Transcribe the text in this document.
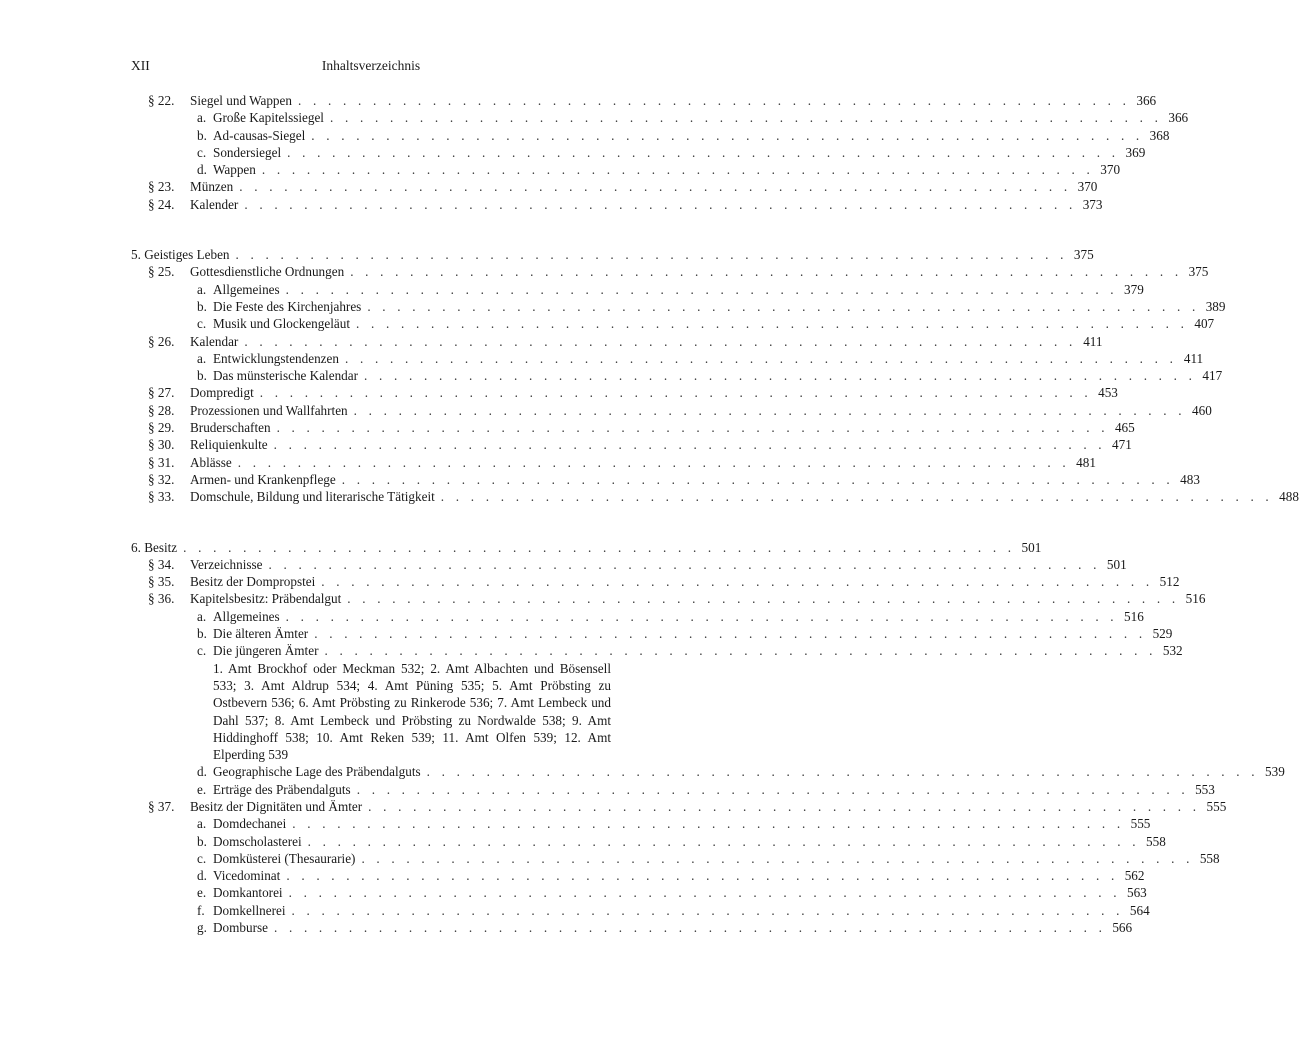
XII	Inhaltsverzeichnis
§ 22.	Siegel und Wappen . . . . . . . . . . . . . . . . . . . . . . . . . . . . . . . . . . . . . . . . . . . . . . . . . . . . . . . . 366
a. Große Kapitelssiegel . . . . . . . . . . . . . . . . . . . . . . . . . . . . . . . . . . . . . . . . . . . . . . . . . . . . . . . . 366
b. Ad-causas-Siegel . . . . . . . . . . . . . . . . . . . . . . . . . . . . . . . . . . . . . . . . . . . . . . . . . . . . . . . . 368
c. Sondersiegel . . . . . . . . . . . . . . . . . . . . . . . . . . . . . . . . . . . . . . . . . . . . . . . . . . . . . . . . 369
d. Wappen . . . . . . . . . . . . . . . . . . . . . . . . . . . . . . . . . . . . . . . . . . . . . . . . . . . . . . . . 370
§ 23.	Münzen . . . . . . . . . . . . . . . . . . . . . . . . . . . . . . . . . . . . . . . . . . . . . . . . . . . . . . . . 370
§ 24.	Kalender . . . . . . . . . . . . . . . . . . . . . . . . . . . . . . . . . . . . . . . . . . . . . . . . . . . . . . . . 373
5. Geistiges Leben . . . . . . . . . . . . . . . . . . . . . . . . . . . . . . . . . . . . . . . . . . . . . . . . . . . . . . . . 375
§ 25.	Gottesdienstliche Ordnungen . . . . . . . . . . . . . . . . . . . . . . . . . . . . . . . . . . . . . . . . . . . . . . . . . . . . . . . . 375
a. Allgemeines . . . . . . . . . . . . . . . . . . . . . . . . . . . . . . . . . . . . . . . . . . . . . . . . . . . . . . . . 379
b. Die Feste des Kirchenjahres . . . . . . . . . . . . . . . . . . . . . . . . . . . . . . . . . . . . . . . . . . . . . . . . . . . . . . . . 389
c. Musik und Glockengeläut . . . . . . . . . . . . . . . . . . . . . . . . . . . . . . . . . . . . . . . . . . . . . . . . . . . . . . . . 407
§ 26.	Kalendar . . . . . . . . . . . . . . . . . . . . . . . . . . . . . . . . . . . . . . . . . . . . . . . . . . . . . . . . 411
a. Entwicklungstendenzen . . . . . . . . . . . . . . . . . . . . . . . . . . . . . . . . . . . . . . . . . . . . . . . . . . . . . . . . 411
b. Das münsterische Kalendar . . . . . . . . . . . . . . . . . . . . . . . . . . . . . . . . . . . . . . . . . . . . . . . . . . . . . . . . 417
§ 27.	Dompredigt . . . . . . . . . . . . . . . . . . . . . . . . . . . . . . . . . . . . . . . . . . . . . . . . . . . . . . . . 453
§ 28.	Prozessionen und Wallfahrten . . . . . . . . . . . . . . . . . . . . . . . . . . . . . . . . . . . . . . . . . . . . . . . . . . . . . . . . 460
§ 29.	Bruderschaften . . . . . . . . . . . . . . . . . . . . . . . . . . . . . . . . . . . . . . . . . . . . . . . . . . . . . . . . 465
§ 30.	Reliquienkulte . . . . . . . . . . . . . . . . . . . . . . . . . . . . . . . . . . . . . . . . . . . . . . . . . . . . . . . . 471
§ 31.	Ablässe . . . . . . . . . . . . . . . . . . . . . . . . . . . . . . . . . . . . . . . . . . . . . . . . . . . . . . . . 481
§ 32.	Armen- und Krankenpflege . . . . . . . . . . . . . . . . . . . . . . . . . . . . . . . . . . . . . . . . . . . . . . . . . . . . . . . . 483
§ 33.	Domschule, Bildung und literarische Tätigkeit . . . . . . . . . . . . . . . . . . . . . . . . . . . . . . . . . . . . . . . . . . . . . . . . . . . . . . . . 488
6. Besitz . . . . . . . . . . . . . . . . . . . . . . . . . . . . . . . . . . . . . . . . . . . . . . . . . . . . . . . . 501
§ 34.	Verzeichnisse . . . . . . . . . . . . . . . . . . . . . . . . . . . . . . . . . . . . . . . . . . . . . . . . . . . . . . . . 501
§ 35.	Besitz der Dompropstei . . . . . . . . . . . . . . . . . . . . . . . . . . . . . . . . . . . . . . . . . . . . . . . . . . . . . . . . 512
§ 36.	Kapitelsbesitz: Präbendalgut . . . . . . . . . . . . . . . . . . . . . . . . . . . . . . . . . . . . . . . . . . . . . . . . . . . . . . . . 516
a. Allgemeines . . . . . . . . . . . . . . . . . . . . . . . . . . . . . . . . . . . . . . . . . . . . . . . . . . . . . . . . 516
b. Die älteren Ämter . . . . . . . . . . . . . . . . . . . . . . . . . . . . . . . . . . . . . . . . . . . . . . . . . . . . . . . . 529
c. Die jüngeren Ämter . . . . . . . . . . . . . . . . . . . . . . . . . . . . . . . . . . . . . . . . . . . . . . . . . . . . . . . . 532
1. Amt Brockhof oder Meckman 532; 2. Amt Albachten und Bösensell 533; 3. Amt Aldrup 534; 4. Amt Püning 535; 5. Amt Pröbsting zu Ostbevern 536; 6. Amt Pröbsting zu Rinkerode 536; 7. Amt Lembeck und Dahl 537; 8. Amt Lembeck und Pröbsting zu Nordwalde 538; 9. Amt Hiddinghoff 538; 10. Amt Reken 539; 11. Amt Olfen 539; 12. Amt Elperding 539
d. Geographische Lage des Präbendalguts . . . . . . . . . . . . . . . . . . . . . . . . . . . . . . . . . . . . . . . . . . . . . . . . . . . . . . . . 539
e. Erträge des Präbendalguts . . . . . . . . . . . . . . . . . . . . . . . . . . . . . . . . . . . . . . . . . . . . . . . . . . . . . . . . 553
§ 37.	Besitz der Dignitäten und Ämter . . . . . . . . . . . . . . . . . . . . . . . . . . . . . . . . . . . . . . . . . . . . . . . . . . . . . . . . 555
a. Domdechanei . . . . . . . . . . . . . . . . . . . . . . . . . . . . . . . . . . . . . . . . . . . . . . . . . . . . . . . . 555
b. Domscholasterei . . . . . . . . . . . . . . . . . . . . . . . . . . . . . . . . . . . . . . . . . . . . . . . . . . . . . . . . 558
c. Domküsterei (Thesaurarie) . . . . . . . . . . . . . . . . . . . . . . . . . . . . . . . . . . . . . . . . . . . . . . . . . . . . . . . . 558
d. Vicedominat . . . . . . . . . . . . . . . . . . . . . . . . . . . . . . . . . . . . . . . . . . . . . . . . . . . . . . . . 562
e. Domkantorei . . . . . . . . . . . . . . . . . . . . . . . . . . . . . . . . . . . . . . . . . . . . . . . . . . . . . . . . 563
f. Domkellnerei . . . . . . . . . . . . . . . . . . . . . . . . . . . . . . . . . . . . . . . . . . . . . . . . . . . . . . . . 564
g. Domburse . . . . . . . . . . . . . . . . . . . . . . . . . . . . . . . . . . . . . . . . . . . . . . . . . . . . . . . . 566
